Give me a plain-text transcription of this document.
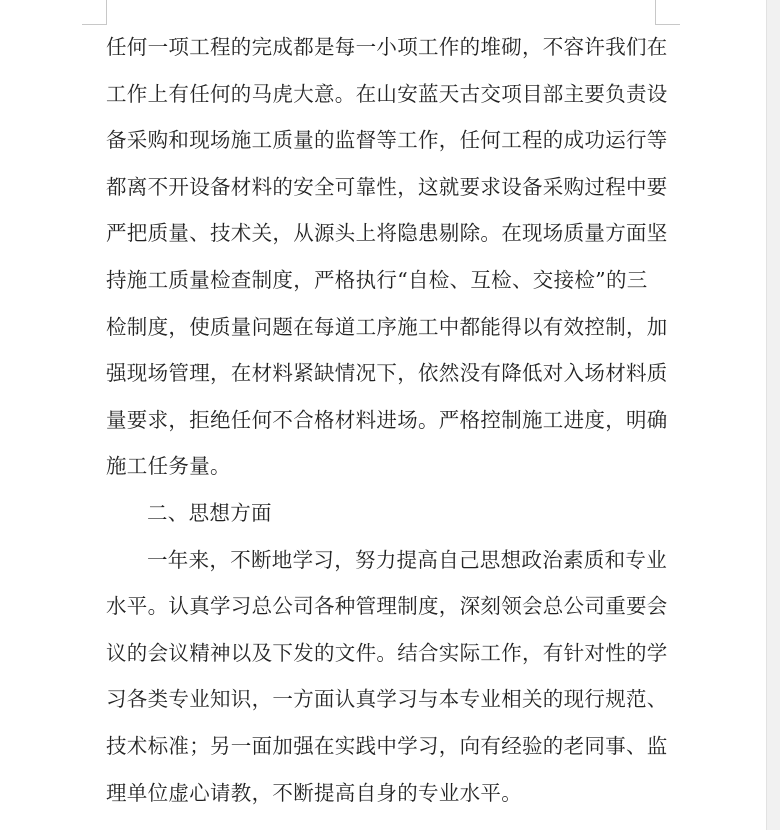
任何一项工程的完成都是每一小项工作的堆砌，不容许我们在
工作上有任何的马虎大意。在山安蓝天古交项目部主要负责设
备采购和现场施工质量的监督等工作，任何工程的成功运行等
都离不开设备材料的安全可靠性，这就要求设备采购过程中要
严把质量、技术关，从源头上将隐患剔除。在现场质量方面坚
持施工质量检查制度，严格执行“自检、互检、交接检”的三
检制度，使质量问题在每道工序施工中都能得以有效控制，加
强现场管理，在材料紧缺情况下，依然没有降低对入场材料质
量要求，拒绝任何不合格材料进场。严格控制施工进度，明确
施工任务量。
二、思想方面
一年来，不断地学习，努力提高自己思想政治素质和专业
水平。认真学习总公司各种管理制度，深刻领会总公司重要会
议的会议精神以及下发的文件。结合实际工作，有针对性的学
习各类专业知识，一方面认真学习与本专业相关的现行规范、
技术标准；另一面加强在实践中学习，向有经验的老同事、监
理单位虚心请教，不断提高自身的专业水平。
